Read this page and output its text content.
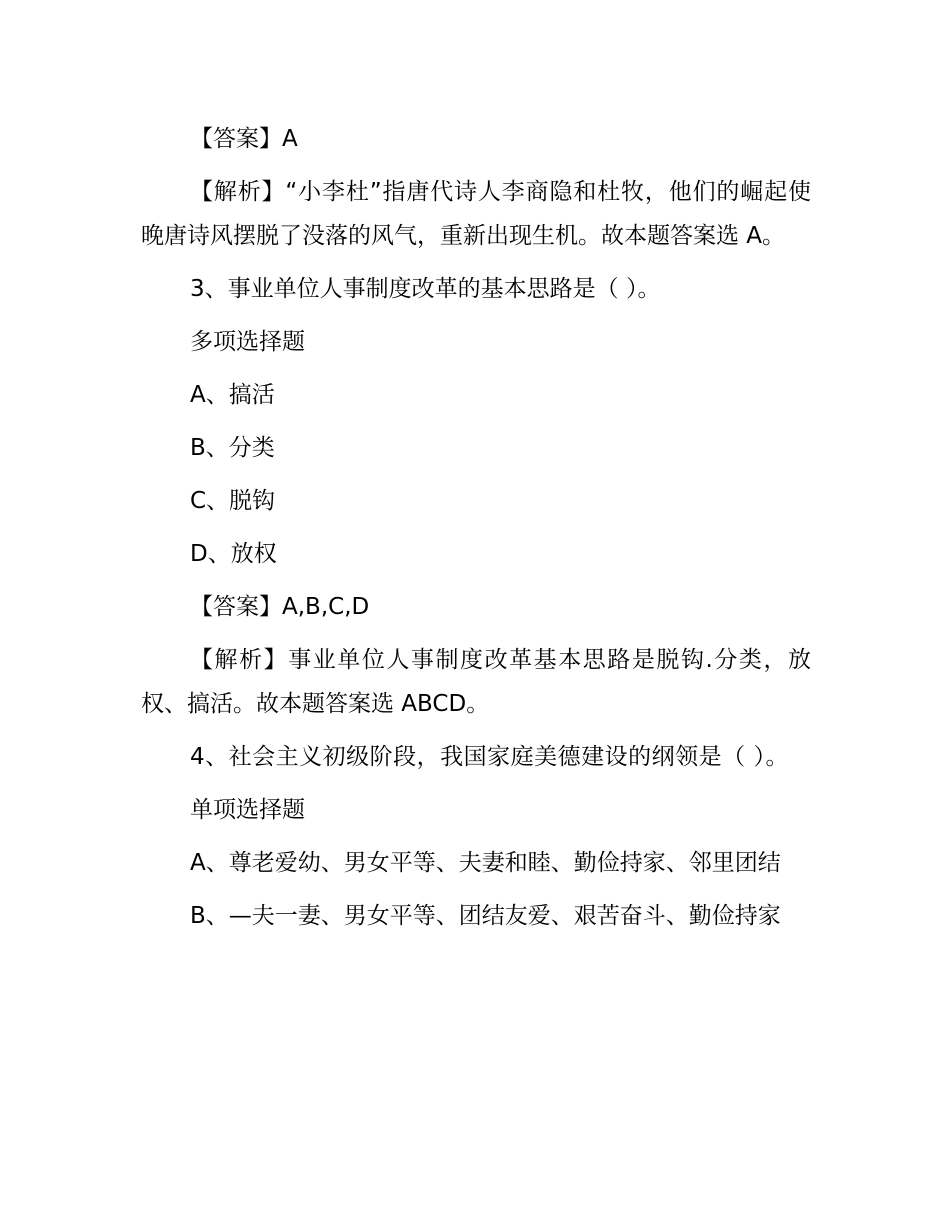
【答案】A

【解析】“小李杜”指唐代诗人李商隐和杜牧，他们的崛起使晚唐诗风摆脱了没落的风气，重新出现生机。故本题答案选 A。

3、事业单位人事制度改革的基本思路是（ ）。

多项选择题

A、搞活

B、分类

C、脱钩

D、放权

【答案】A,B,C,D

【解析】事业单位人事制度改革基本思路是脱钩.分类，放权、搞活。故本题答案选 ABCD。

4、社会主义初级阶段，我国家庭美德建设的纲领是（ ）。

单项选择题

A、尊老爱幼、男女平等、夫妻和睦、勤俭持家、邻里团结

B、—夫一妻、男女平等、团结友爱、艰苦奋斗、勤俭持家
